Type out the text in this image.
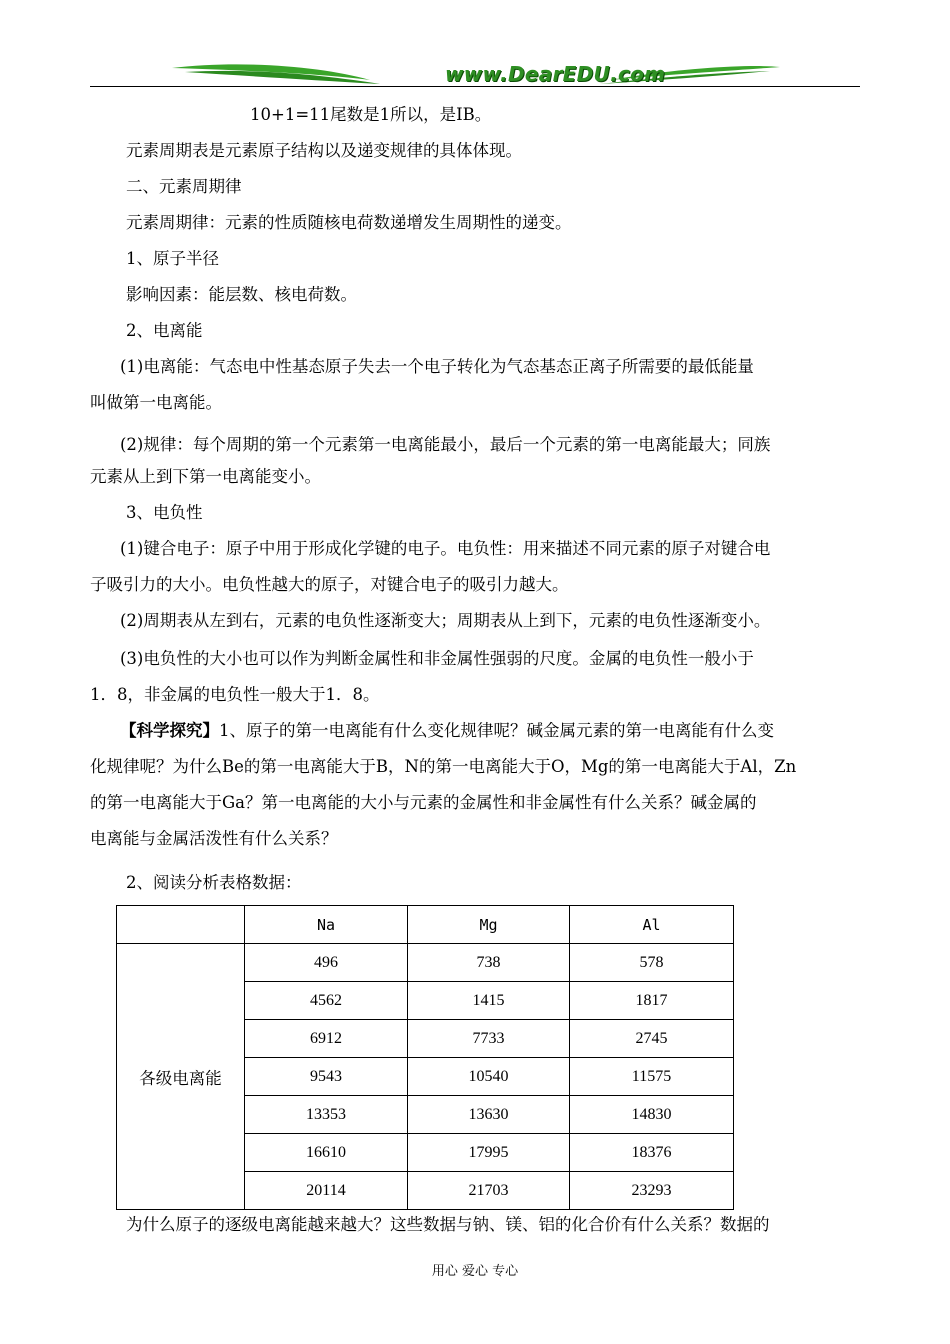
www.DearEDU.com
10+1=11尾数是1所以，是IB。
元素周期表是元素原子结构以及递变规律的具体体现。
二、元素周期律
元素周期律：元素的性质随核电荷数递增发生周期性的递变。
1、原子半径
影响因素：能层数、核电荷数。
2、电离能
(1)电离能：气态电中性基态原子失去一个电子转化为气态基态正离子所需要的最低能量
叫做第一电离能。
(2)规律：每个周期的第一个元素第一电离能最小，最后一个元素的第一电离能最大；同族
元素从上到下第一电离能变小。
3、电负性
(1)键合电子：原子中用于形成化学键的电子。电负性：用来描述不同元素的原子对键合电
子吸引力的大小。电负性越大的原子，对键合电子的吸引力越大。
(2)周期表从左到右，元素的电负性逐渐变大；周期表从上到下，元素的电负性逐渐变小。
(3)电负性的大小也可以作为判断金属性和非金属性强弱的尺度。金属的电负性一般小于
1．8，非金属的电负性一般大于1．8。
【科学探究】1、原子的第一电离能有什么变化规律呢？碱金属元素的第一电离能有什么变
化规律呢？为什么Be的第一电离能大于B，N的第一电离能大于O，Mg的第一电离能大于Al，Zn
的第一电离能大于Ga？第一电离能的大小与元素的金属性和非金属性有什么关系？碱金属的
电离能与金属活泼性有什么关系？
2、阅读分析表格数据：
	Na	Mg	Al
各级电离能	496	738	578
	4562	1415	1817
	6912	7733	2745
	9543	10540	11575
	13353	13630	14830
	16610	17995	18376
	20114	21703	23293
为什么原子的逐级电离能越来越大？这些数据与钠、镁、铝的化合价有什么关系？数据的
用心 爱心 专心
